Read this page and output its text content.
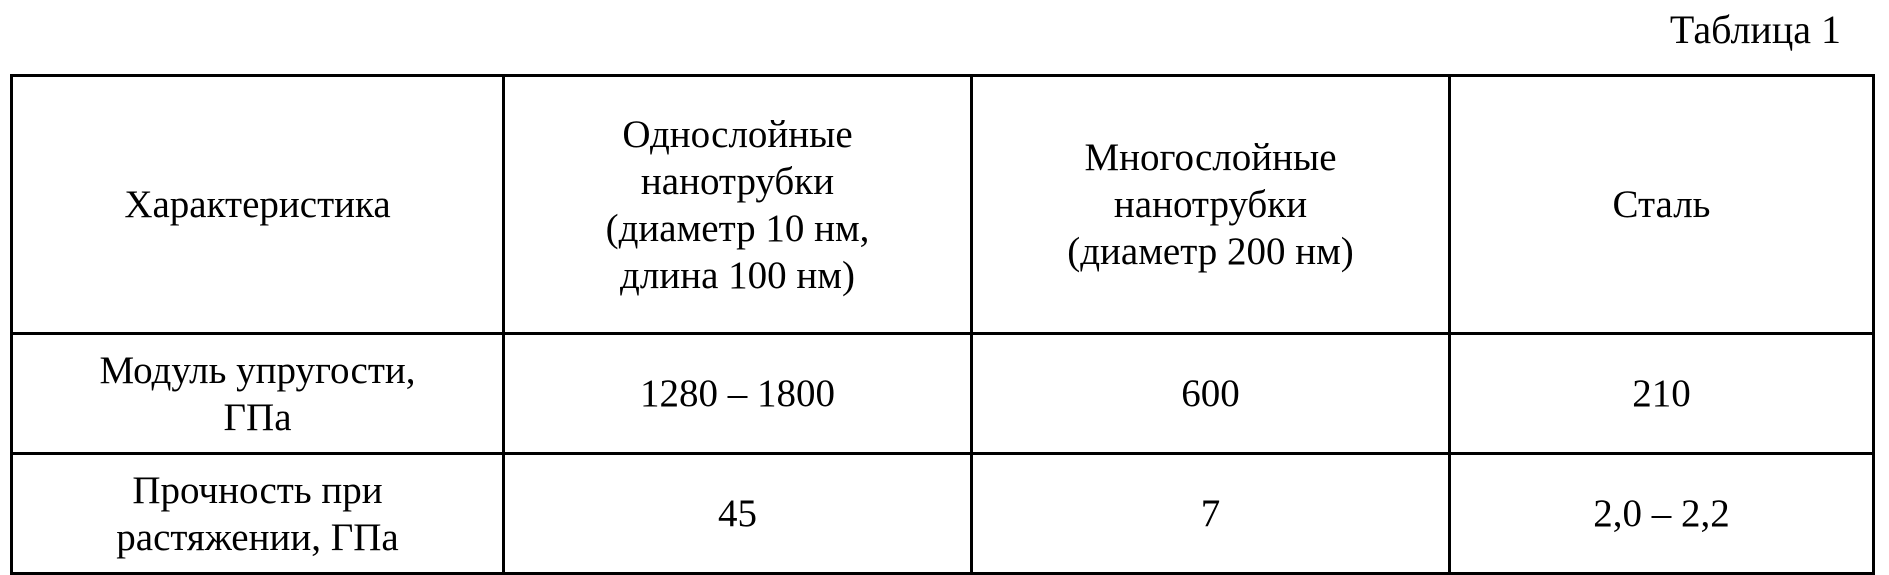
Таблица 1
Характеристика	Однослойные
нанотрубки
(диаметр 10 нм,
длина 100 нм)	Многослойные
нанотрубки
(диаметр 200 нм)	Сталь
Модуль упругости,
ГПа	1280 – 1800	600	210
Прочность при
растяжении, ГПа	45	7	2,0 – 2,2
